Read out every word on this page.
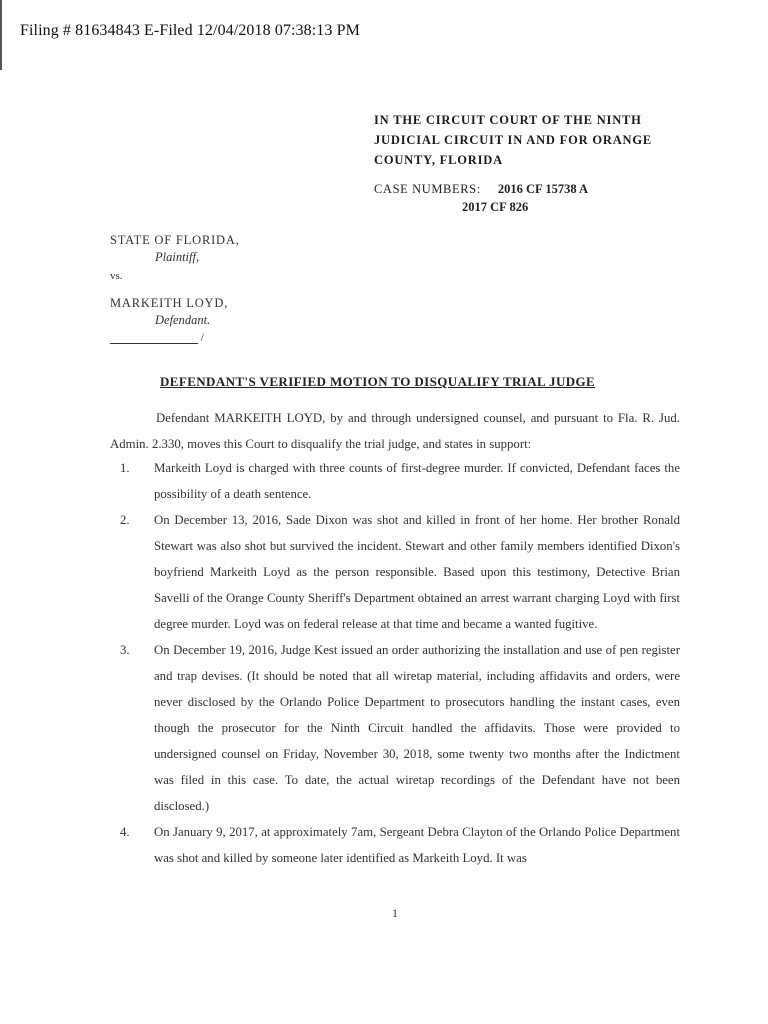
Filing # 81634843 E-Filed 12/04/2018 07:38:13 PM
IN THE CIRCUIT COURT OF THE NINTH
JUDICIAL CIRCUIT IN AND FOR ORANGE
COUNTY, FLORIDA
CASE NUMBERS: 2016 CF 15738 A
2017 CF 826
STATE OF FLORIDA,
Plaintiff,
vs.
MARKEITH LOYD,
Defendant.
/
DEFENDANT'S VERIFIED MOTION TO DISQUALIFY TRIAL JUDGE
Defendant MARKEITH LOYD, by and through undersigned counsel, and pursuant to Fla. R. Jud. Admin. 2.330, moves this Court to disqualify the trial judge, and states in support:
1.	Markeith Loyd is charged with three counts of first-degree murder. If convicted, Defendant faces the possibility of a death sentence.
2.	On December 13, 2016, Sade Dixon was shot and killed in front of her home. Her brother Ronald Stewart was also shot but survived the incident. Stewart and other family members identified Dixon's boyfriend Markeith Loyd as the person responsible. Based upon this testimony, Detective Brian Savelli of the Orange County Sheriff's Department obtained an arrest warrant charging Loyd with first degree murder. Loyd was on federal release at that time and became a wanted fugitive.
3.	On December 19, 2016, Judge Kest issued an order authorizing the installation and use of pen register and trap devises. (It should be noted that all wiretap material, including affidavits and orders, were never disclosed by the Orlando Police Department to prosecutors handling the instant cases, even though the prosecutor for the Ninth Circuit handled the affidavits. Those were provided to undersigned counsel on Friday, November 30, 2018, some twenty two months after the Indictment was filed in this case. To date, the actual wiretap recordings of the Defendant have not been disclosed.)
4.	On January 9, 2017, at approximately 7am, Sergeant Debra Clayton of the Orlando Police Department was shot and killed by someone later identified as Markeith Loyd. It was
1
